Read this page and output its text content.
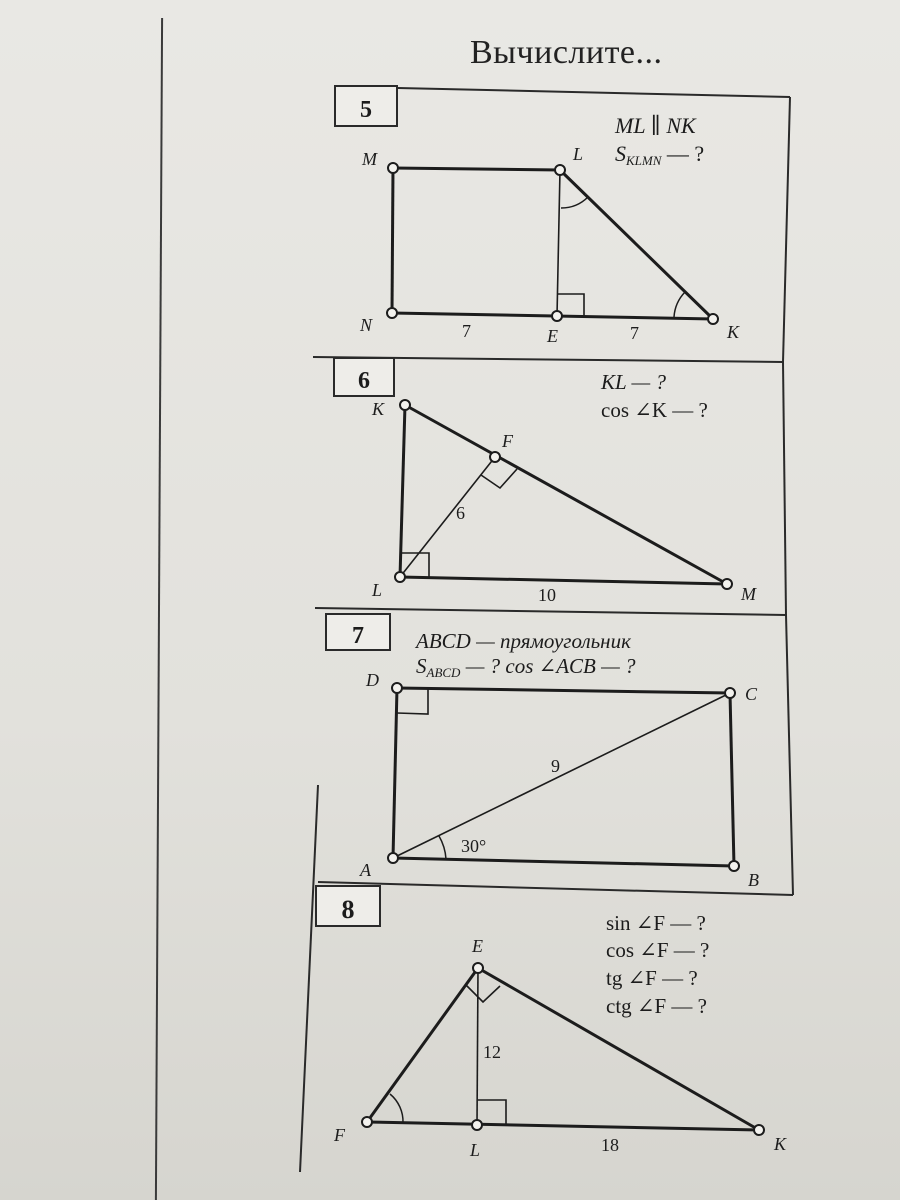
Вычислите...
5
6
7
8
M	L
N
E	K
7	7
ML ∥ NK
SKLMN — ?
K
F
L	M
6
10
KL — ?
cos ∠K — ?
D
C
A	B
9
30°
ABCD — прямоугольник
SABCD — ? cos ∠ACB — ?
E
F
L	K
12
18
sin ∠F — ?
cos ∠F — ?
tg ∠F — ?
ctg ∠F — ?
